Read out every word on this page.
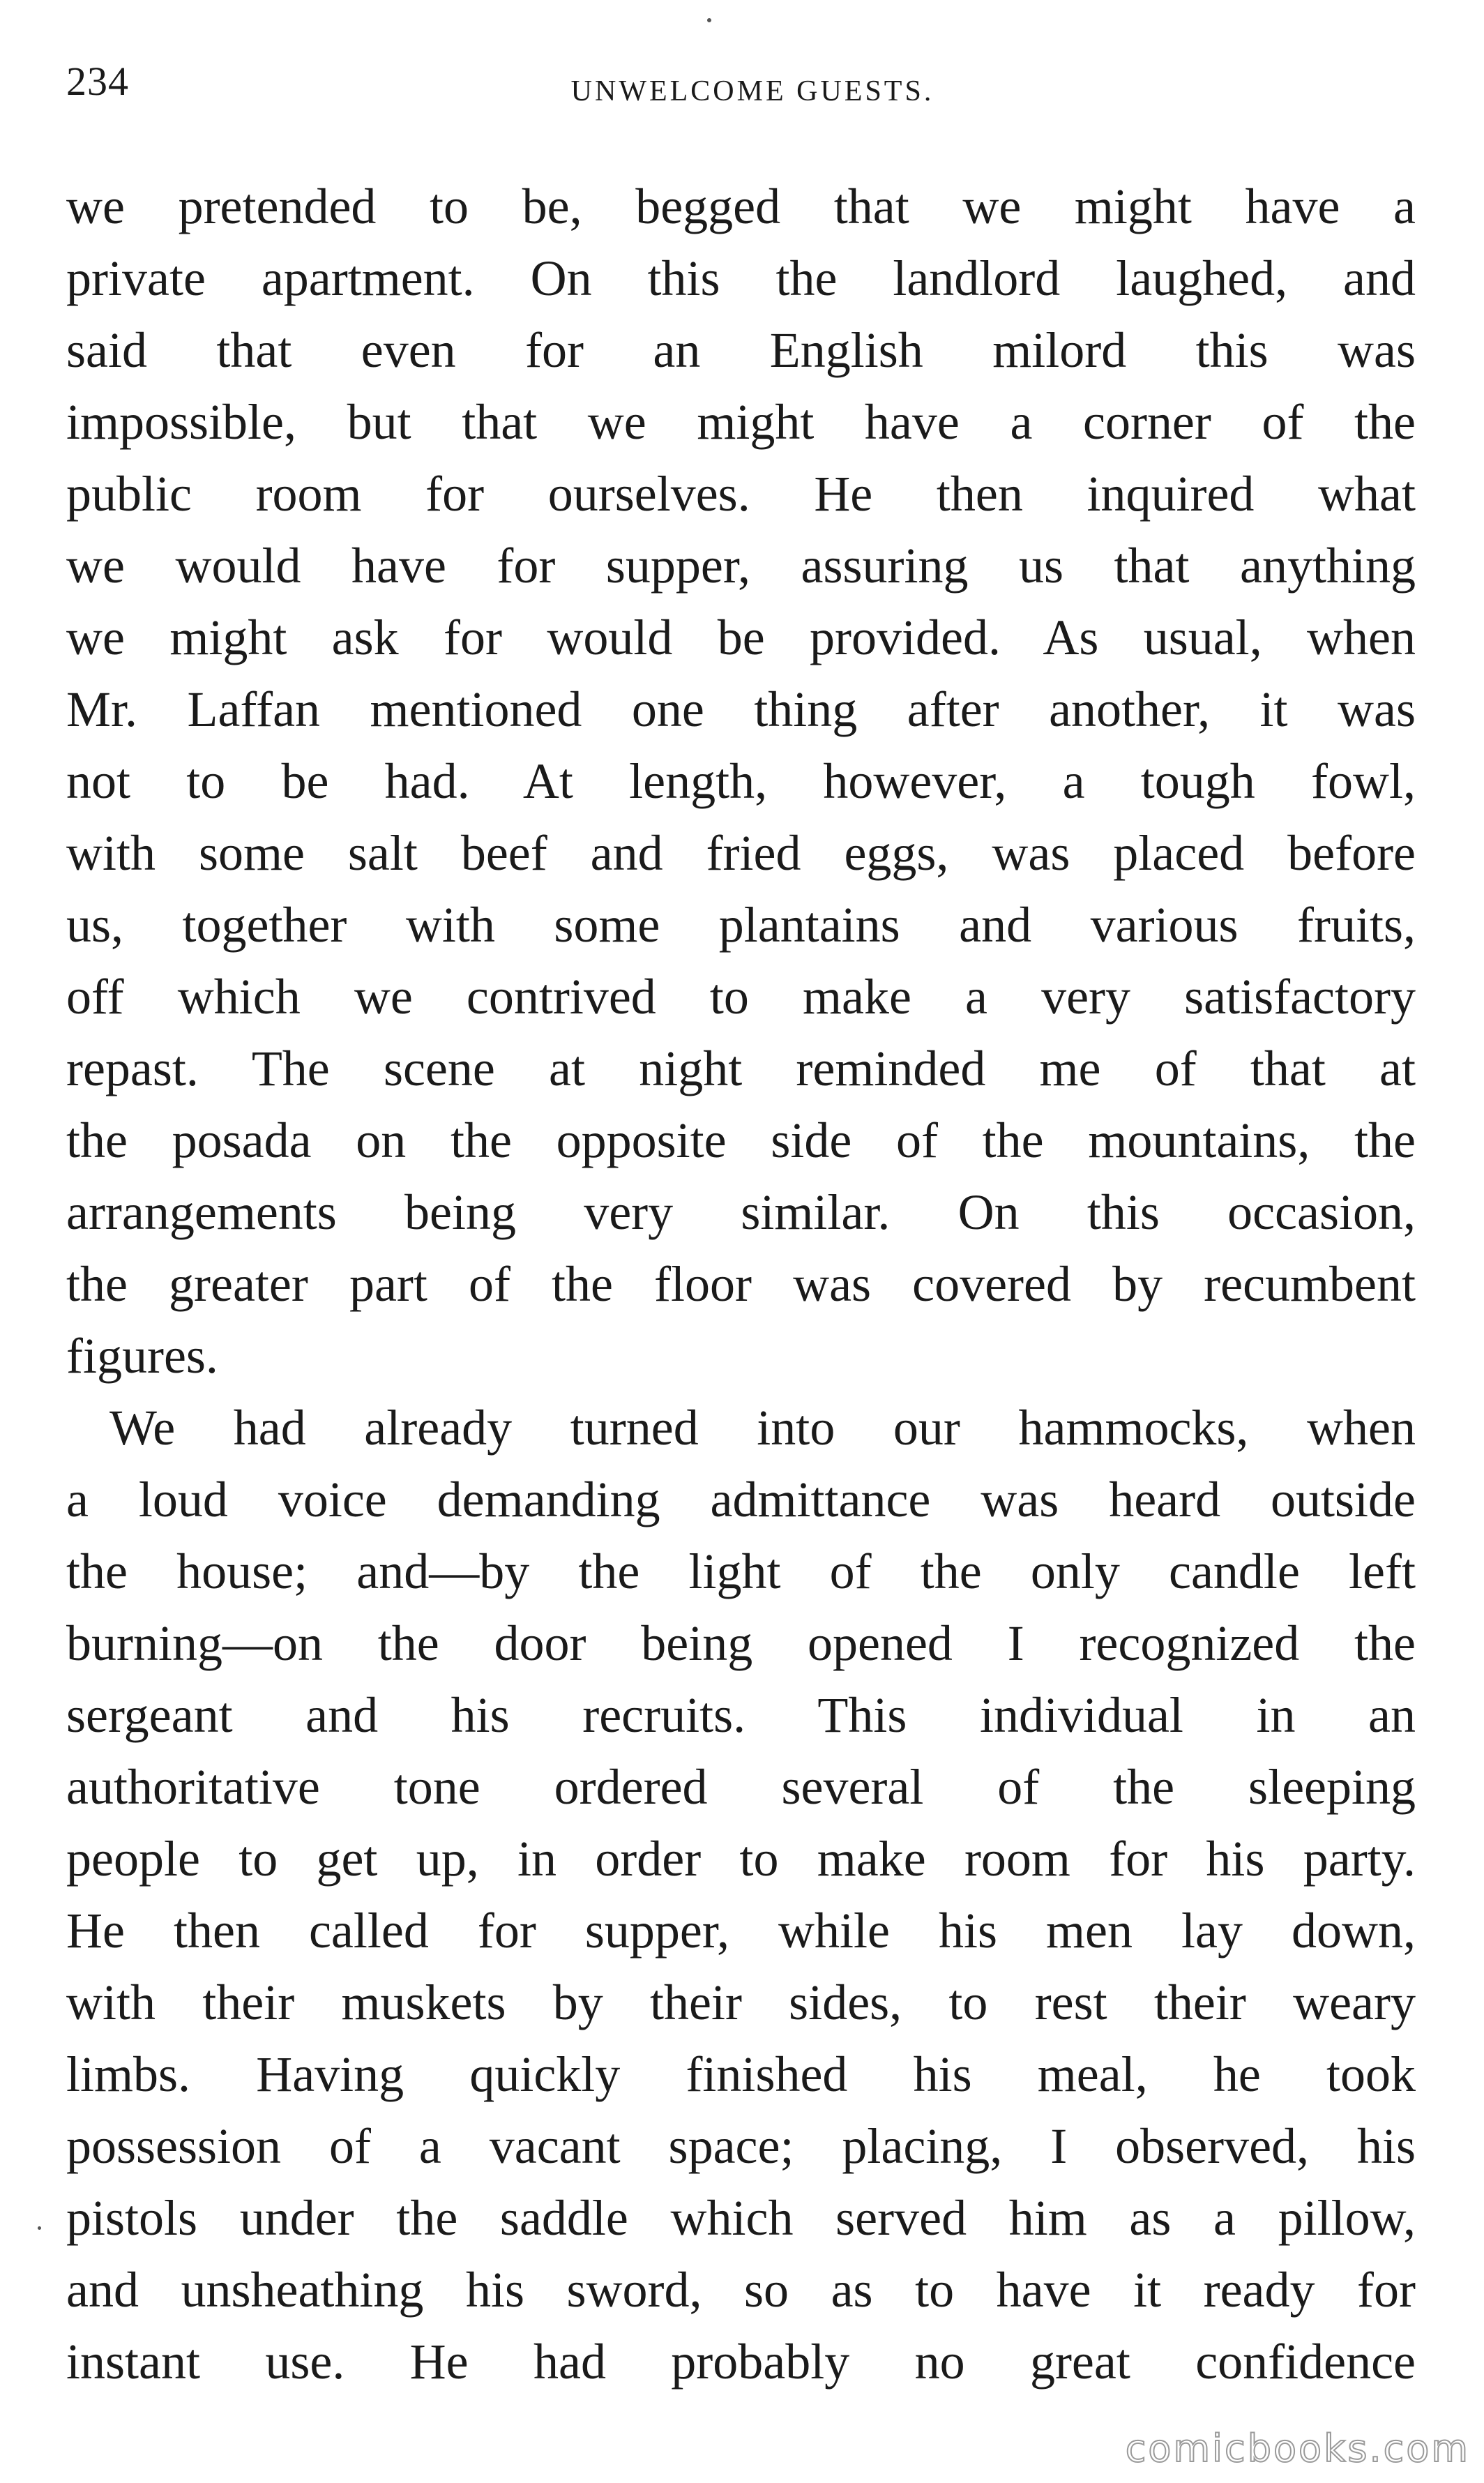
234	UNWELCOME GUESTS.
we pretended to be, begged that we might have a
private apartment. On this the landlord laughed, and
said that even for an English milord this was
impossible, but that we might have a corner of the
public room for ourselves. He then inquired what
we would have for supper, assuring us that anything
we might ask for would be provided. As usual, when
Mr. Laffan mentioned one thing after another, it was
not to be had. At length, however, a tough fowl,
with some salt beef and fried eggs, was placed before
us, together with some plantains and various fruits,
off which we contrived to make a very satisfactory
repast. The scene at night reminded me of that at
the posada on the opposite side of the mountains, the
arrangements being very similar. On this occasion,
the greater part of the floor was covered by recumbent
figures.
We had already turned into our hammocks, when
a loud voice demanding admittance was heard outside
the house; and—by the light of the only candle left
burning—on the door being opened I recognized the
sergeant and his recruits. This individual in an
authoritative tone ordered several of the sleeping
people to get up, in order to make room for his party.
He then called for supper, while his men lay down,
with their muskets by their sides, to rest their weary
limbs. Having quickly finished his meal, he took
possession of a vacant space; placing, I observed, his
pistols under the saddle which served him as a pillow,
and unsheathing his sword, so as to have it ready for
instant use. He had probably no great confidence
comicbooks.com
